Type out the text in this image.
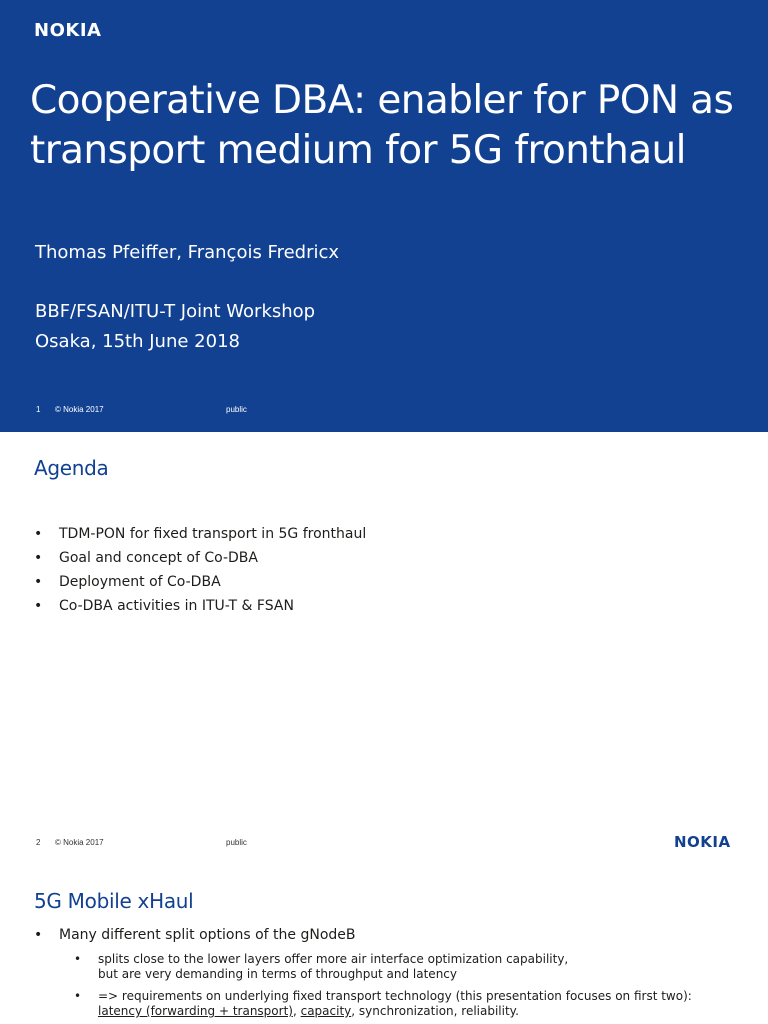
NOKIA
Cooperative DBA: enabler for PON as transport medium for 5G fronthaul
Thomas Pfeiffer, François Fredricx
BBF/FSAN/ITU-T Joint Workshop
Osaka, 15th June 2018
1 © Nokia 2017	public
Agenda
• TDM-PON for fixed transport in 5G fronthaul
• Goal and concept of Co-DBA
• Deployment of Co-DBA
• Co-DBA activities in ITU-T & FSAN
2 © Nokia 2017	public	NOKIA
5G Mobile xHaul
• Many different split options of the gNodeB
• splits close to the lower layers offer more air interface optimization capability,
but are very demanding in terms of throughput and latency
• => requirements on underlying fixed transport technology (this presentation focuses on first two):
latency (forwarding + transport), capacity, synchronization, reliability.
